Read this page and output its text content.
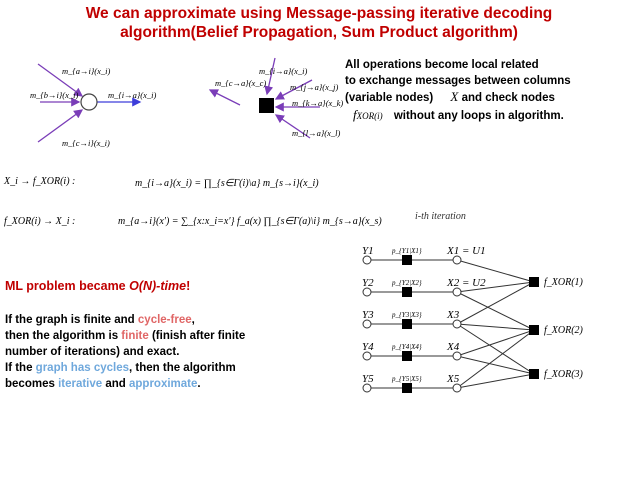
We can approximate using Message-passing iterative decoding
algorithm(Belief Propagation, Sum Product algorithm)
All operations become local related
to exchange messages between columns
(variable nodes) X and check nodes
fXOR(i) without any loops in algorithm.
m_{a→i}(x_i)
m_{b→i}(x_i)	m_{i→a}(x_i)
m_{c→i}(x_i)
m_{i→a}(x_i)
m_{c→a}(x_c)	m_{j→a}(x_j)
m_{k→a}(x_k)
m_{l→a}(x_l)
X_i → f_XOR(i) :	m_{i→a}(x_i) = ∏_{s∈Γ(i)\a} m_{s→i}(x_i)
f_XOR(i) → X_i :	m_{a→i}(x′) = ∑_{x:x_i=x′} f_a(x) ∏_{s∈Γ(a)\i} m_{s→a}(x_s)
ML problem became O(N)-time!
If the graph is finite and cycle-free,
then the algorithm is finite (finish after finite
number of iterations) and exact.
If the graph has cycles, then the algorithm
becomes iterative and approximate.
i-th iteration
Y1	p_{Y1|X1} X1 = U1
Y2	p_{Y2|X2} X2 = U2
Y3	p_{Y3|X3} X3
Y4	p_{Y4|X4} X4
Y5	p_{Y5|X5} X5
f_XOR(1)
f_XOR(2)
f_XOR(3)
